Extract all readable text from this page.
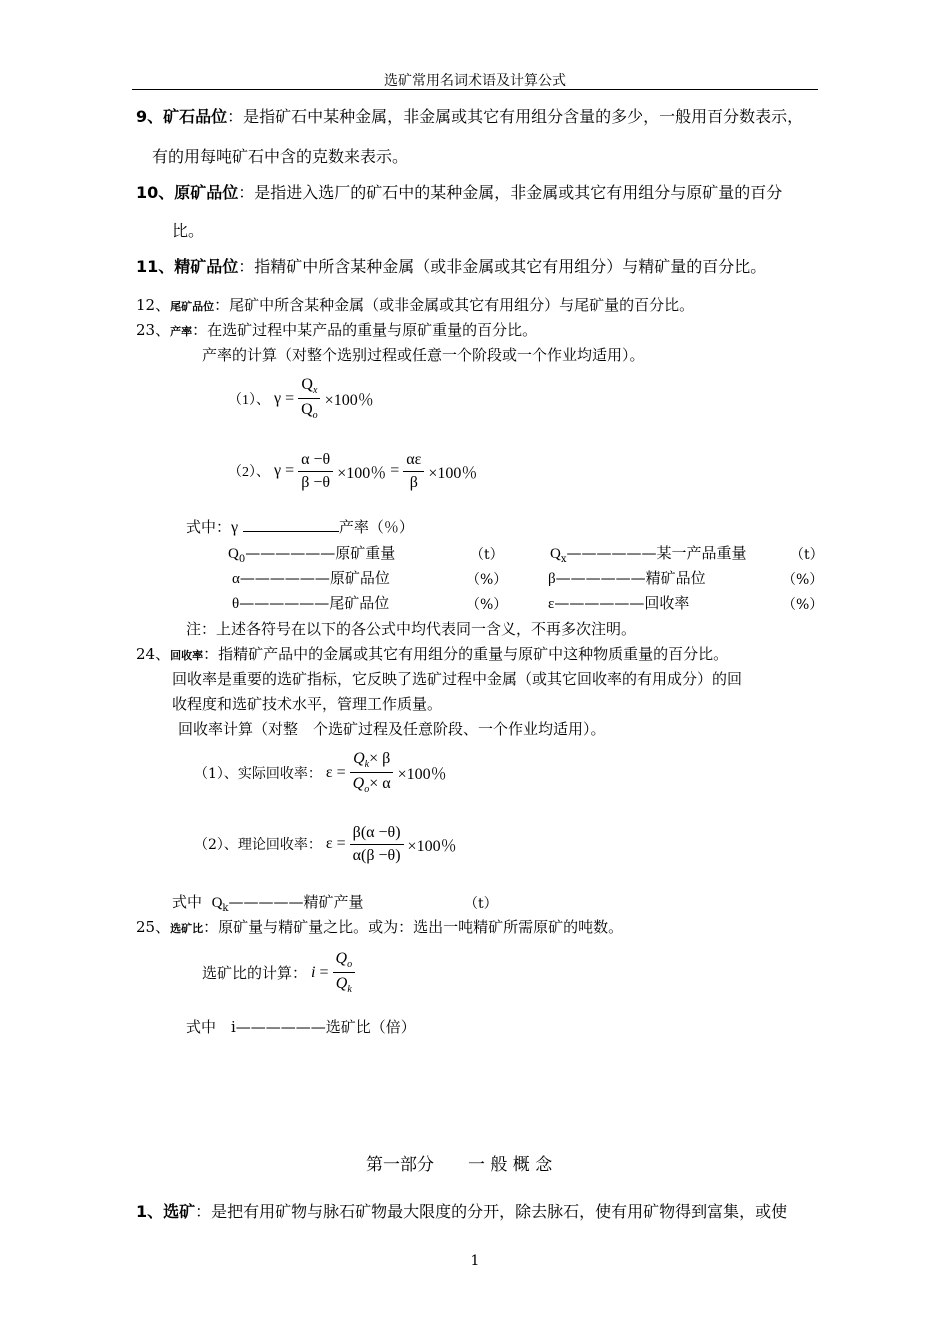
选矿常用名词术语及计算公式
9、矿石品位：是指矿石中某种金属，非金属或其它有用组分含量的多少，一般用百分数表示，
有的用每吨矿石中含的克数来表示。
10、原矿品位：是指进入选厂的矿石中的某种金属，非金属或其它有用组分与原矿量的百分
比。
11、精矿品位：指精矿中所含某种金属（或非金属或其它有用组分）与精矿量的百分比。
12、尾矿品位：尾矿中所含某种金属（或非金属或其它有用组分）与尾矿量的百分比。
23、产率：在选矿过程中某产品的重量与原矿重量的百分比。
产率的计算（对整个选别过程或任意一个阶段或一个作业均适用）。
（1）、 $\gamma = \frac{Q_x}{Q_o} \times 100$％
（2）、 $\gamma = \frac{\alpha -\theta}{\beta -\theta} \times 100$％ = $\frac{\alpha\varepsilon}{\beta} \times 100$％
式中：γ	产率（％）
$Q_0——————$原矿重量	（t）	$Q_x——————$某一产品重量	（t）
α——————原矿品位	（%）	β——————精矿品位	（%）
θ——————尾矿品位	（%）	ε——————回收率	（%）
注：上述各符号在以下的各公式中均代表同一含义，不再多次注明。
24、回收率：指精矿产品中的金属或其它有用组分的重量与原矿中这种物质重量的百分比。
回收率是重要的选矿指标，它反映了选矿过程中金属（或其它回收率的有用成分）的回
收程度和选矿技术水平，管理工作质量。
回收率计算（对整　个选矿过程及任意阶段、一个作业均适用）。
（1）、实际回收率： $\varepsilon = \frac{Q_k\times \beta}{Q_o\times \alpha} \times 100$％
（2）、理论回收率： $\varepsilon = \frac{\beta(\alpha -\theta)}{\alpha(\beta -\theta)} \times 100$％
式中 $Q_k—————$精矿产量	（t）
25、选矿比：原矿量与精矿量之比。或为：选出一吨精矿所需原矿的吨数。
选矿比的计算： $i = \frac{Q_o}{Q_k}$
式中　i——————选矿比（倍）
第一部分　　一 般 概 念
1、选矿：是把有用矿物与脉石矿物最大限度的分开，除去脉石，使有用矿物得到富集，或使
1
